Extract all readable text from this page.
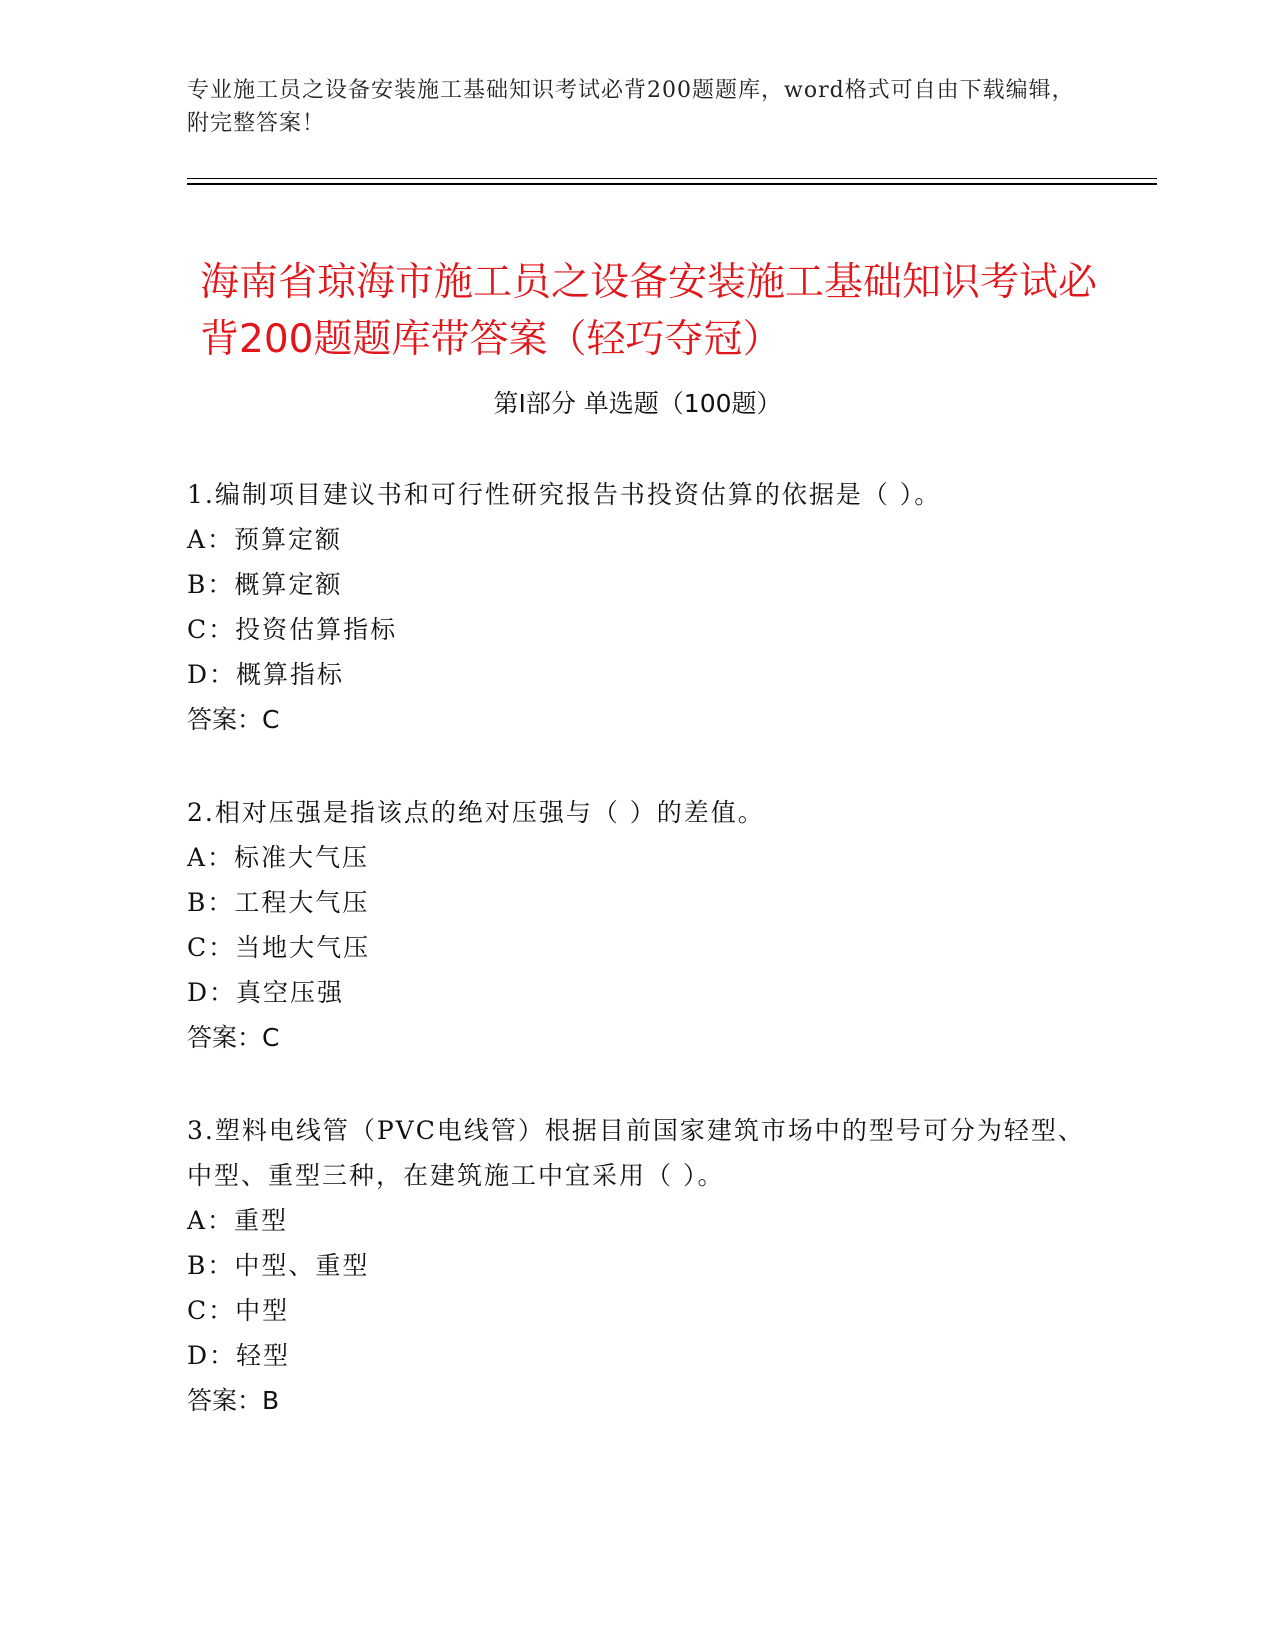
专业施工员之设备安装施工基础知识考试必背200题题库，word格式可自由下载编辑，附完整答案！
海南省琼海市施工员之设备安装施工基础知识考试必背200题题库带答案（轻巧夺冠）
第Ⅰ部分 单选题（100题）

1.编制项目建议书和可行性研究报告书投资估算的依据是（ ）。

A：预算定额

B：概算定额

C：投资估算指标

D：概算指标

答案：C

2.相对压强是指该点的绝对压强与（ ）的差值。

A：标准大气压

B：工程大气压

C：当地大气压

D：真空压强

答案：C

3.塑料电线管（PVC电线管）根据目前国家建筑市场中的型号可分为轻型、中型、重型三种，在建筑施工中宜采用（ ）。

A：重型

B：中型、重型

C：中型

D：轻型

答案：B
